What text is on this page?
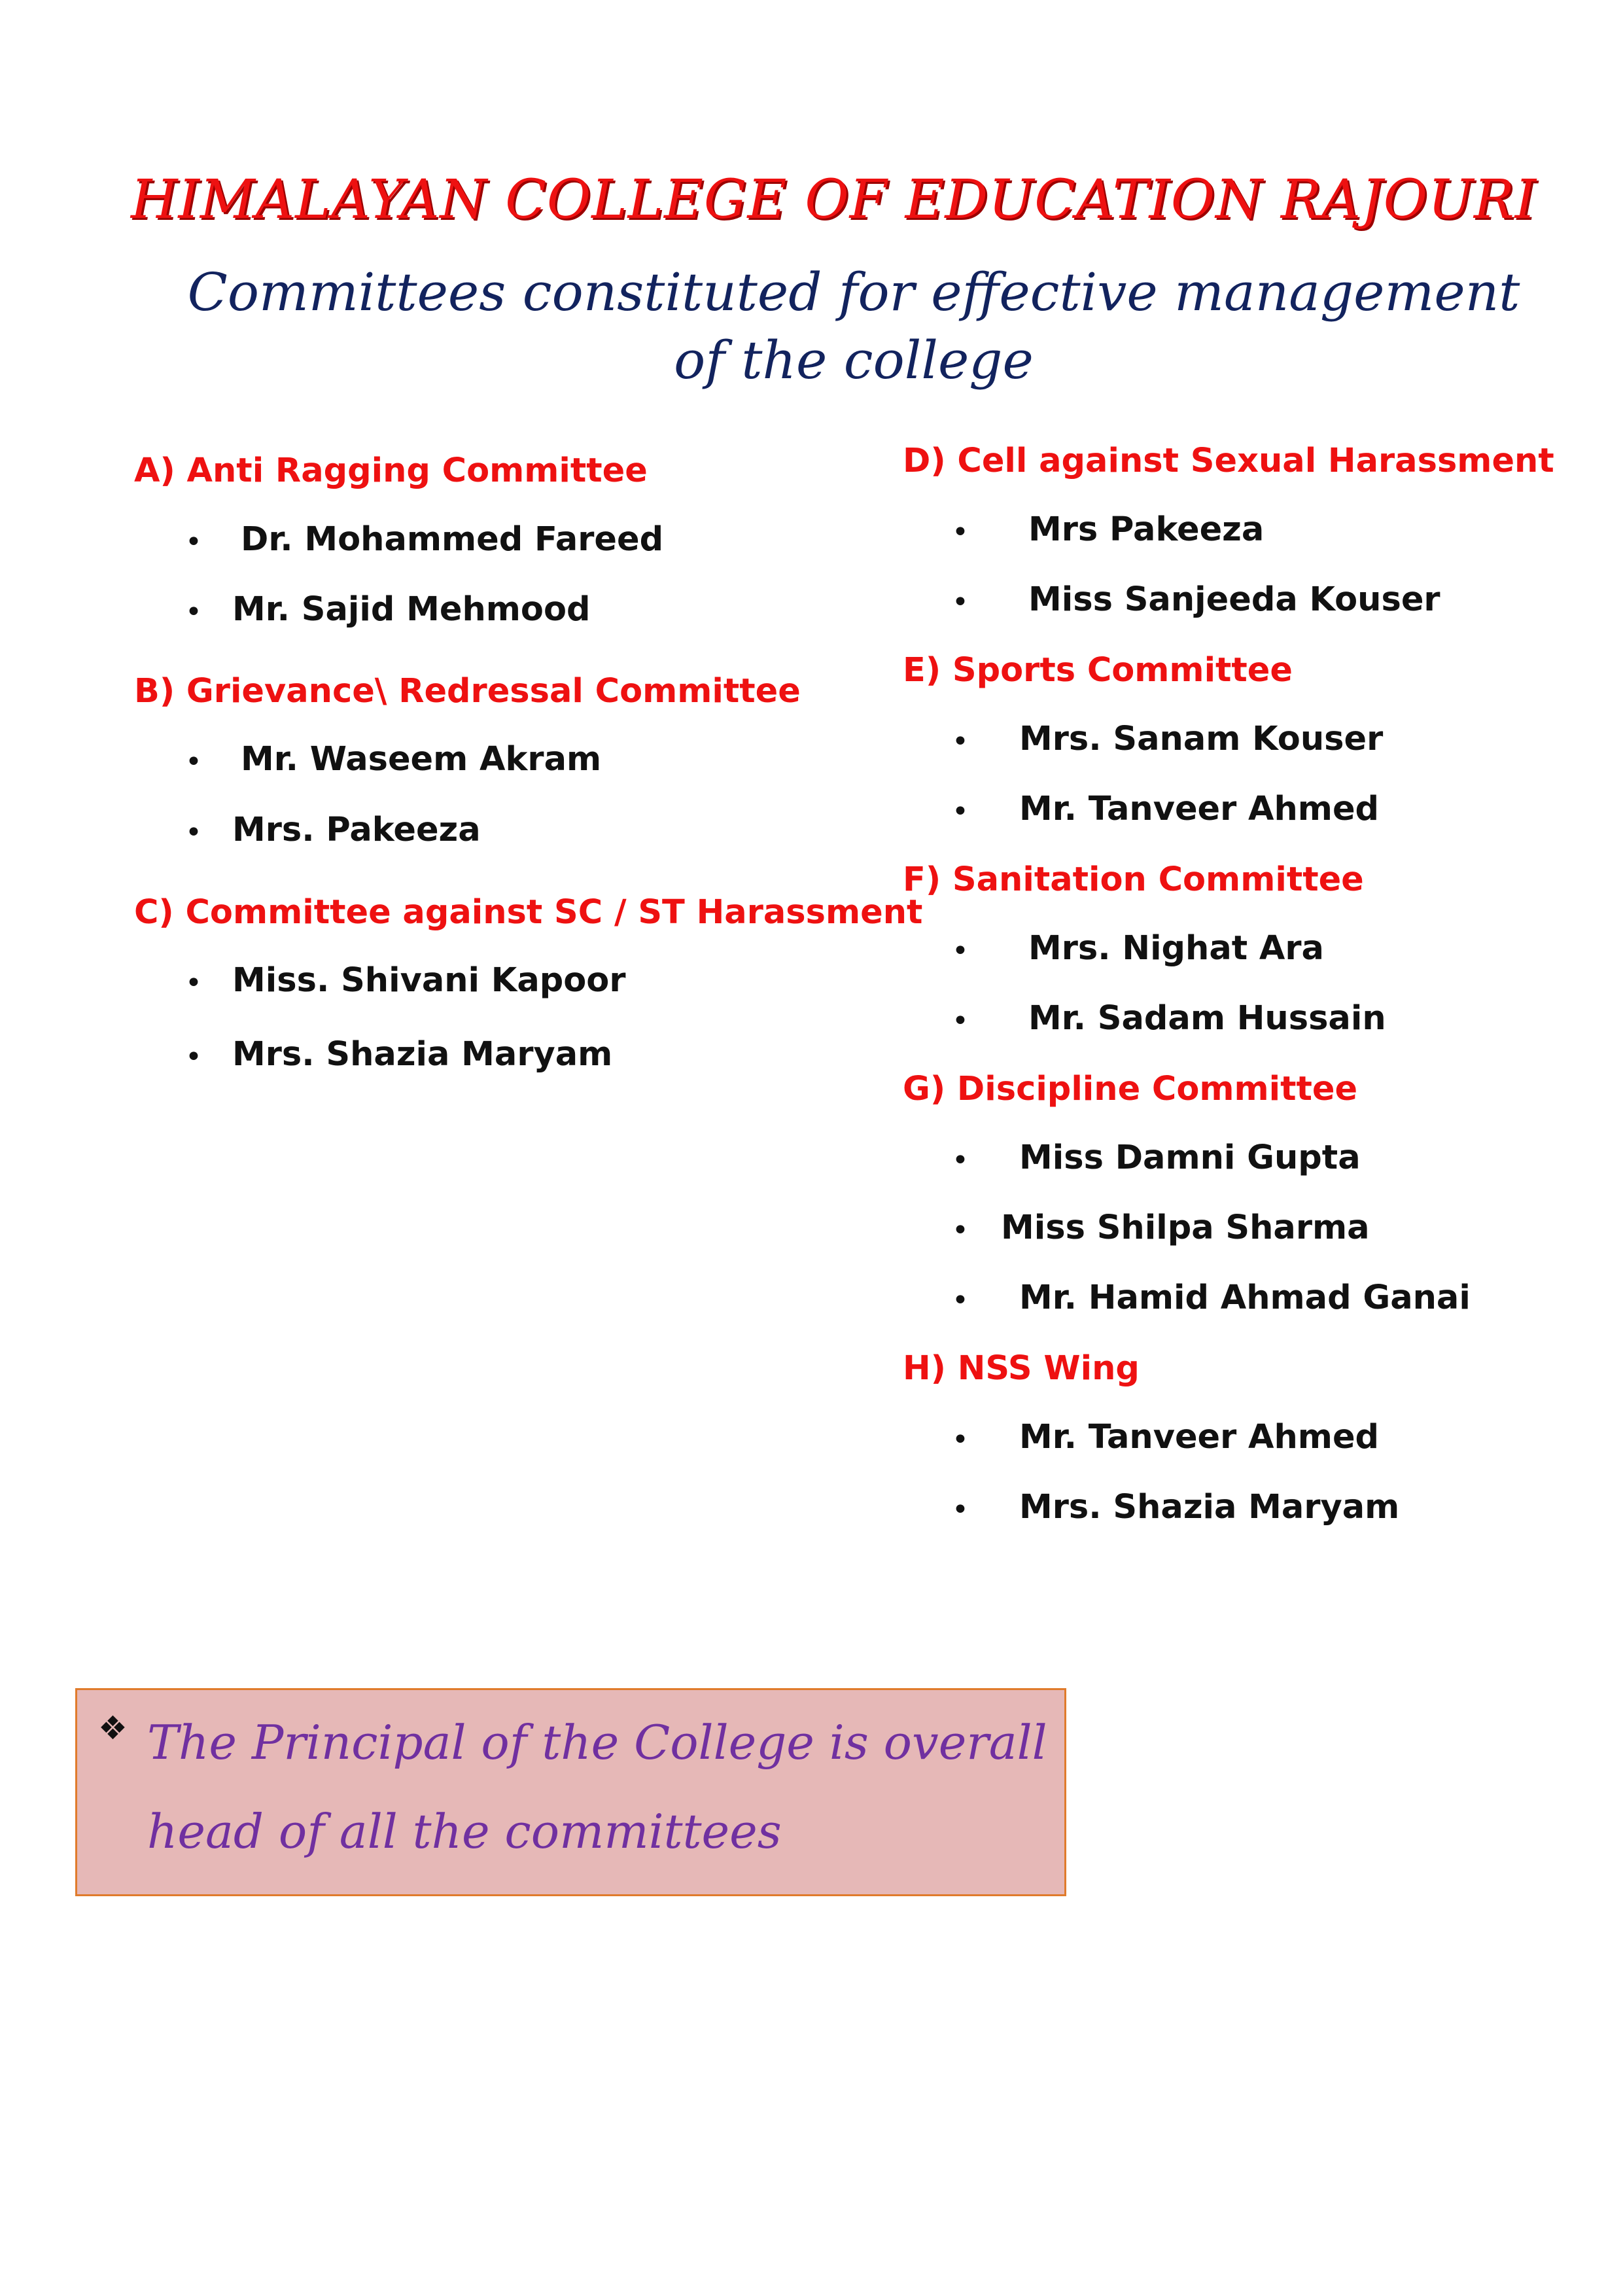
HIMALAYAN COLLEGE OF EDUCATION RAJOURI
Committees constituted for effective management of the college
A) Anti Ragging Committee
• Dr. Mohammed Fareed
• Mr. Sajid Mehmood
B) Grievance\ Redressal Committee
• Mr. Waseem Akram
• Mrs. Pakeeza
C) Committee against SC / ST Harassment
• Miss. Shivani Kapoor
• Mrs. Shazia Maryam
D) Cell against Sexual Harassment
• Mrs Pakeeza
• Miss Sanjeeda Kouser
E) Sports Committee
• Mrs. Sanam Kouser
• Mr. Tanveer Ahmed
F) Sanitation Committee
• Mrs. Nighat Ara
• Mr. Sadam Hussain
G) Discipline Committee
• Miss Damni Gupta
• Miss Shilpa Sharma
• Mr. Hamid Ahmad Ganai
H) NSS Wing
• Mr. Tanveer Ahmed
• Mrs. Shazia Maryam
❖ The Principal of the College is overall head of all the committees
